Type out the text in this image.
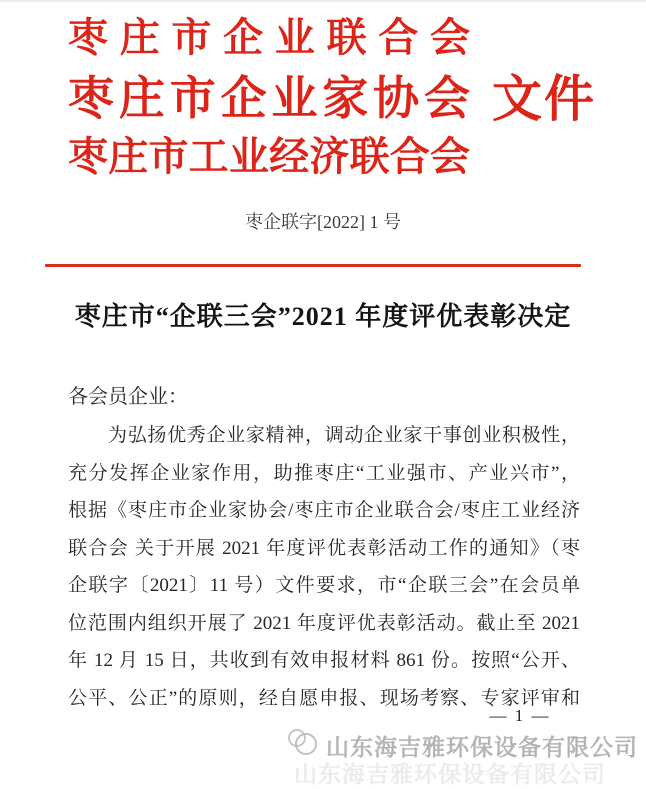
枣庄市企业联合会
枣庄市企业家协会 文件
枣庄市工业经济联合会
枣企联字[2022] 1 号
枣庄市“企联三会”2021 年度评优表彰决定
各会员企业：
为弘扬优秀企业家精神，调动企业家干事创业积极性，
充分发挥企业家作用，助推枣庄“工业强市、产业兴市”，
根据《枣庄市企业家协会/枣庄市企业联合会/枣庄工业经济
联合会 关于开展 2021 年度评优表彰活动工作的通知》（枣
企联字〔2021〕11 号）文件要求，市“企联三会”在会员单
位范围内组织开展了 2021 年度评优表彰活动。截止至 2021
年 12 月 15 日，共收到有效申报材料 861 份。按照“公开、
公平、公正”的原则，经自愿申报、现场考察、专家评审和
— 1 —
山东海吉雅环保设备有限公司
山东海吉雅环保设备有限公司
